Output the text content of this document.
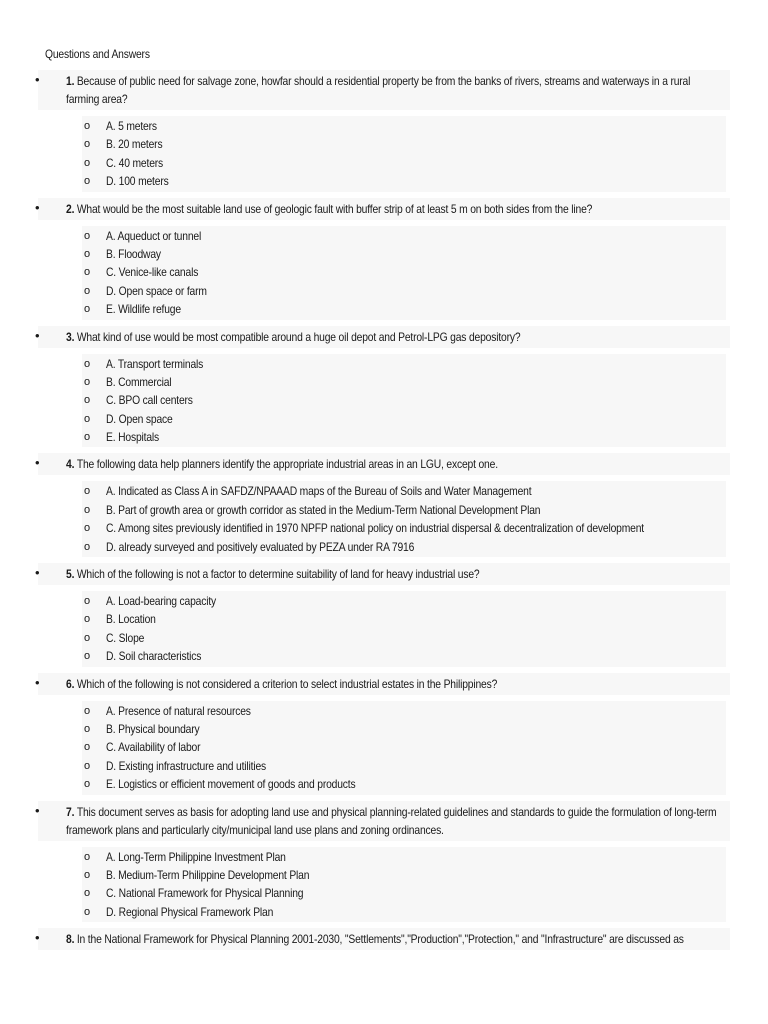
Questions and Answers
• 1. Because of public need for salvage zone, howfar should a residential property be from the banks of rivers, streams and waterways in a rural farming area?
o A. 5 meters
o B. 20 meters
o C. 40 meters
o D. 100 meters
• 2. What would be the most suitable land use of geologic fault with buffer strip of at least 5 m on both sides from the line?
o A. Aqueduct or tunnel
o B. Floodway
o C. Venice-like canals
o D. Open space or farm
o E. Wildlife refuge
• 3. What kind of use would be most compatible around a huge oil depot and Petrol-LPG gas depository?
o A. Transport terminals
o B. Commercial
o C. BPO call centers
o D. Open space
o E. Hospitals
• 4. The following data help planners identify the appropriate industrial areas in an LGU, except one.
o A. Indicated as Class A in SAFDZ/NPAAAD maps of the Bureau of Soils and Water Management
o B. Part of growth area or growth corridor as stated in the Medium-Term National Development Plan
o C. Among sites previously identified in 1970 NPFP national policy on industrial dispersal & decentralization of development
o D. already surveyed and positively evaluated by PEZA under RA 7916
• 5. Which of the following is not a factor to determine suitability of land for heavy industrial use?
o A. Load-bearing capacity
o B. Location
o C. Slope
o D. Soil characteristics
• 6. Which of the following is not considered a criterion to select industrial estates in the Philippines?
o A. Presence of natural resources
o B. Physical boundary
o C. Availability of labor
o D. Existing infrastructure and utilities
o E. Logistics or efficient movement of goods and products
• 7. This document serves as basis for adopting land use and physical planning-related guidelines and standards to guide the formulation of long-term framework plans and particularly city/municipal land use plans and zoning ordinances.
o A. Long-Term Philippine Investment Plan
o B. Medium-Term Philippine Development Plan
o C. National Framework for Physical Planning
o D. Regional Physical Framework Plan
• 8. In the National Framework for Physical Planning 2001-2030, "Settlements","Production","Protection," and "Infrastructure" are discussed as
